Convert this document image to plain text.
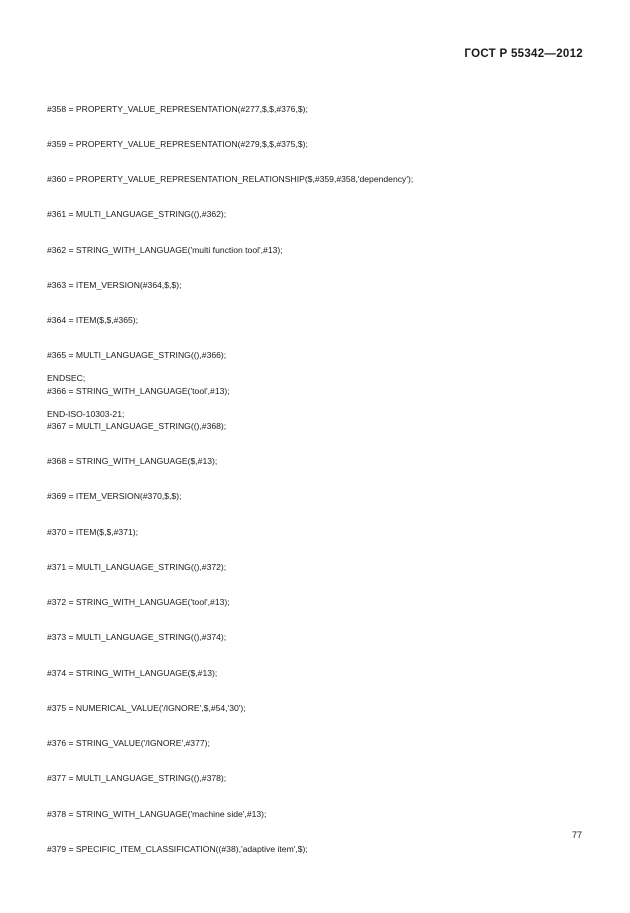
ГОСТ Р 55342—2012

#358 = PROPERTY_VALUE_REPRESENTATION(#277,$,$,#376,$);

#359 = PROPERTY_VALUE_REPRESENTATION(#279,$,$,#375,$);

#360 = PROPERTY_VALUE_REPRESENTATION_RELATIONSHIP($,#359,#358,'dependency');

#361 = MULTI_LANGUAGE_STRING((),#362);

#362 = STRING_WITH_LANGUAGE('multi function tool',#13);

#363 = ITEM_VERSION(#364,$,$);

#364 = ITEM($,$,#365);

#365 = MULTI_LANGUAGE_STRING((),#366);

#366 = STRING_WITH_LANGUAGE('tool',#13);

#367 = MULTI_LANGUAGE_STRING((),#368);

#368 = STRING_WITH_LANGUAGE($,#13);

#369 = ITEM_VERSION(#370,$,$);

#370 = ITEM($,$,#371);

#371 = MULTI_LANGUAGE_STRING((),#372);

#372 = STRING_WITH_LANGUAGE('tool',#13);

#373 = MULTI_LANGUAGE_STRING((),#374);

#374 = STRING_WITH_LANGUAGE($,#13);

#375 = NUMERICAL_VALUE('/IGNORE',$,#54,'30');

#376 = STRING_VALUE('/IGNORE',#377);

#377 = MULTI_LANGUAGE_STRING((),#378);

#378 = STRING_WITH_LANGUAGE('machine side',#13);

#379 = SPECIFIC_ITEM_CLASSIFICATION((#38),'adaptive item',$);

ENDSEC;

END-ISO-10303-21;

77
